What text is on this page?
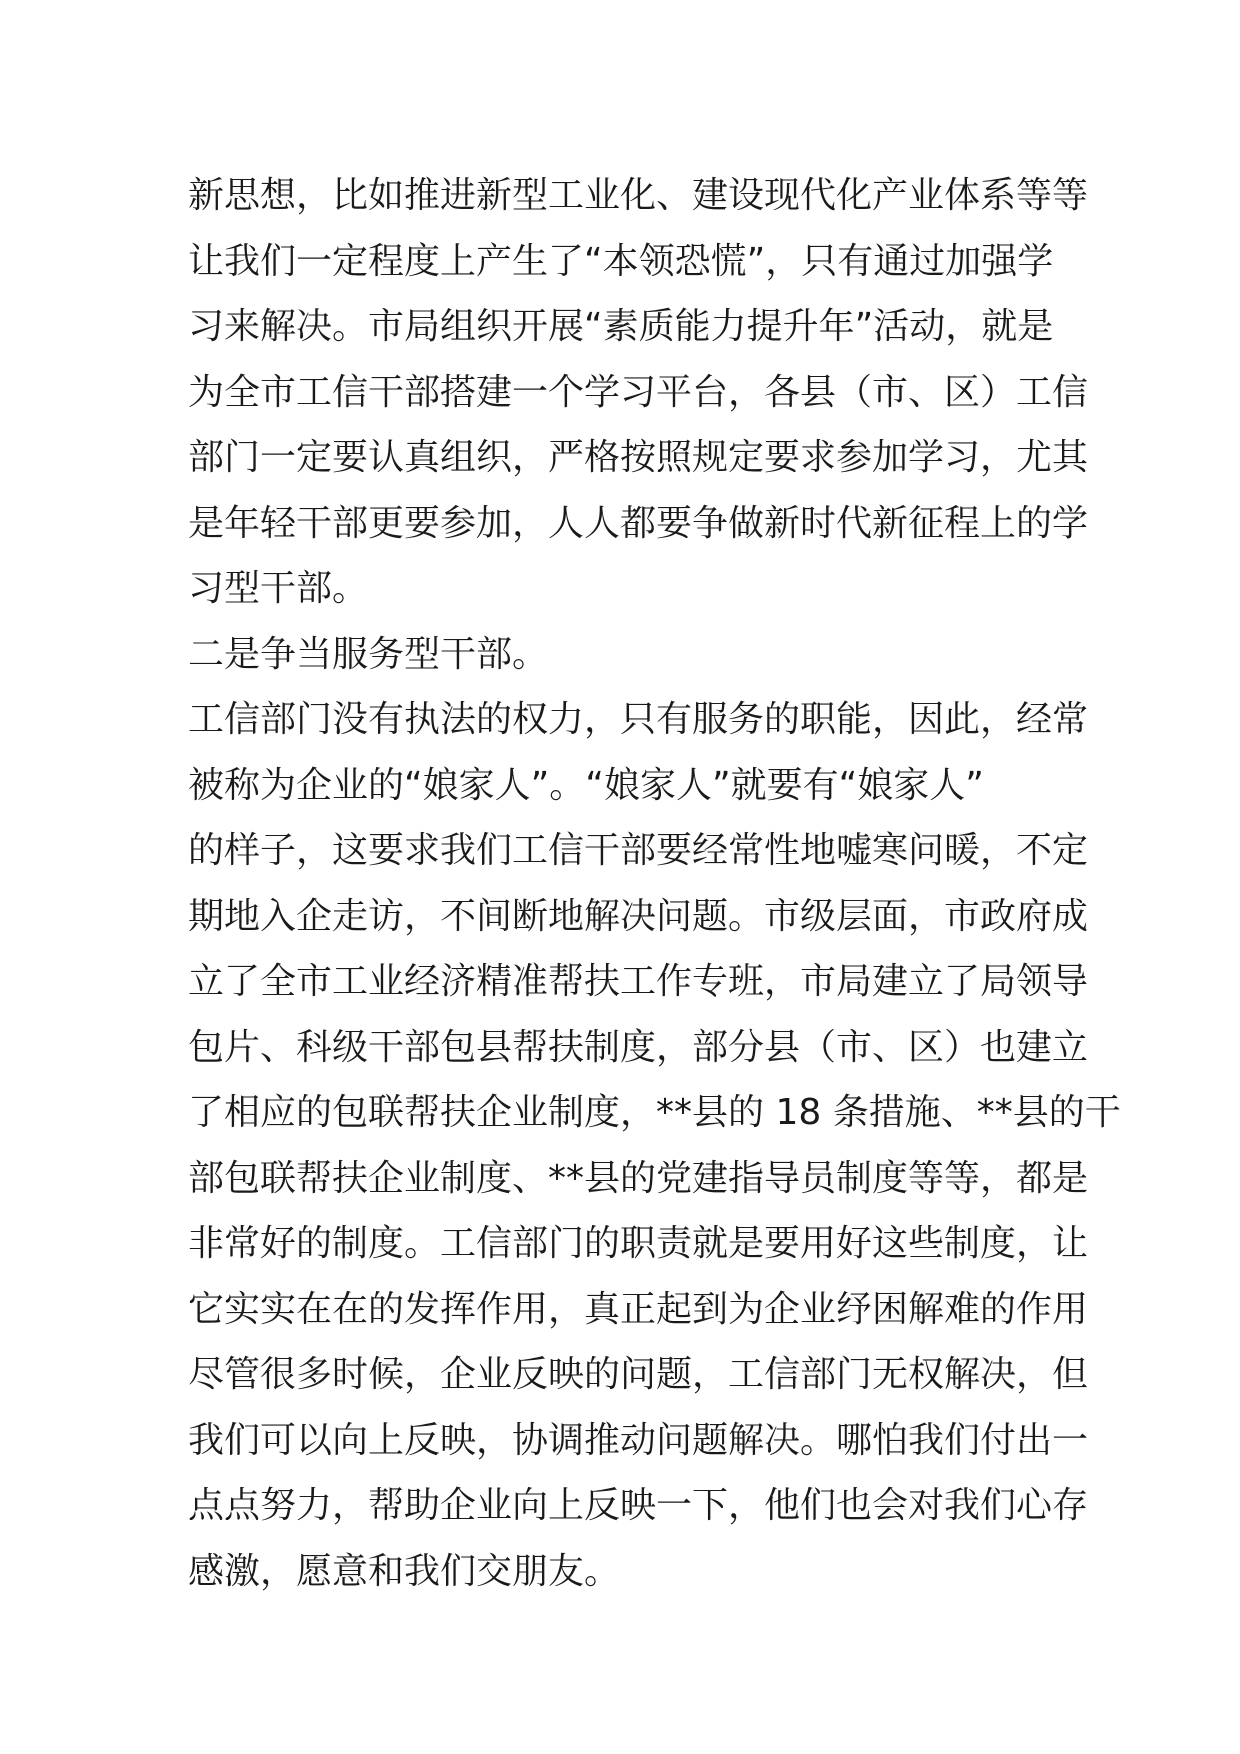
新思想，比如推进新型工业化、建设现代化产业体系等等
让我们一定程度上产生了“本领恐慌”，只有通过加强学
习来解决。市局组织开展“素质能力提升年”活动，就是
为全市工信干部搭建一个学习平台，各县（市、区）工信
部门一定要认真组织，严格按照规定要求参加学习，尤其
是年轻干部更要参加，人人都要争做新时代新征程上的学
习型干部。
二是争当服务型干部。
工信部门没有执法的权力，只有服务的职能，因此，经常
被称为企业的“娘家人”。“娘家人”就要有“娘家人”
的样子，这要求我们工信干部要经常性地嘘寒问暖，不定
期地入企走访，不间断地解决问题。市级层面，市政府成
立了全市工业经济精准帮扶工作专班，市局建立了局领导
包片、科级干部包县帮扶制度，部分县（市、区）也建立
了相应的包联帮扶企业制度，**县的 18 条措施、**县的干
部包联帮扶企业制度、**县的党建指导员制度等等，都是
非常好的制度。工信部门的职责就是要用好这些制度，让
它实实在在的发挥作用，真正起到为企业纾困解难的作用
尽管很多时候，企业反映的问题，工信部门无权解决，但
我们可以向上反映，协调推动问题解决。哪怕我们付出一
点点努力，帮助企业向上反映一下，他们也会对我们心存
感激，愿意和我们交朋友。
